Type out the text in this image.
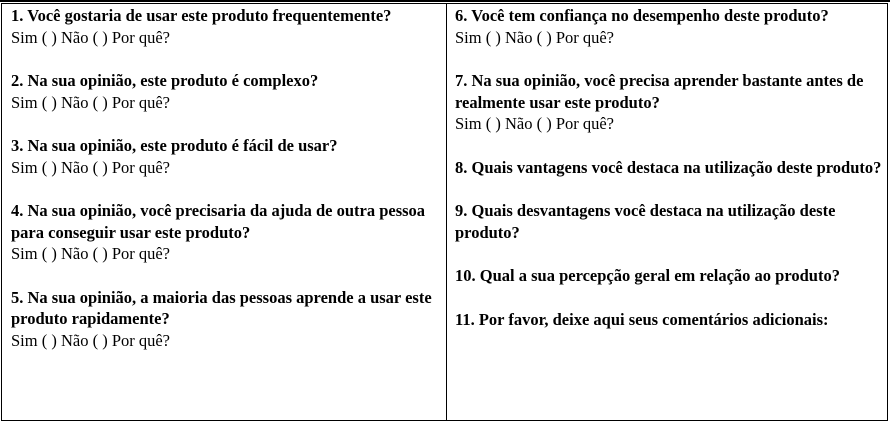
1. Você gostaria de usar este produto frequentemente?
Sim ( ) Não ( ) Por quê?
2. Na sua opinião, este produto é complexo?
Sim ( ) Não ( ) Por quê?
3. Na sua opinião, este produto é fácil de usar?
Sim ( ) Não ( ) Por quê?
4. Na sua opinião, você precisaria da ajuda de outra pessoa para conseguir usar este produto?
Sim ( ) Não ( ) Por quê?
5. Na sua opinião, a maioria das pessoas aprende a usar este produto rapidamente?
Sim ( ) Não ( ) Por quê?
6. Você tem confiança no desempenho deste produto?
Sim ( ) Não ( ) Por quê?
7. Na sua opinião, você precisa aprender bastante antes de realmente usar este produto?
Sim ( ) Não ( ) Por quê?
8. Quais vantagens você destaca na utilização deste produto?
9. Quais desvantagens você destaca na utilização deste produto?
10. Qual a sua percepção geral em relação ao produto?
11. Por favor, deixe aqui seus comentários adicionais:
